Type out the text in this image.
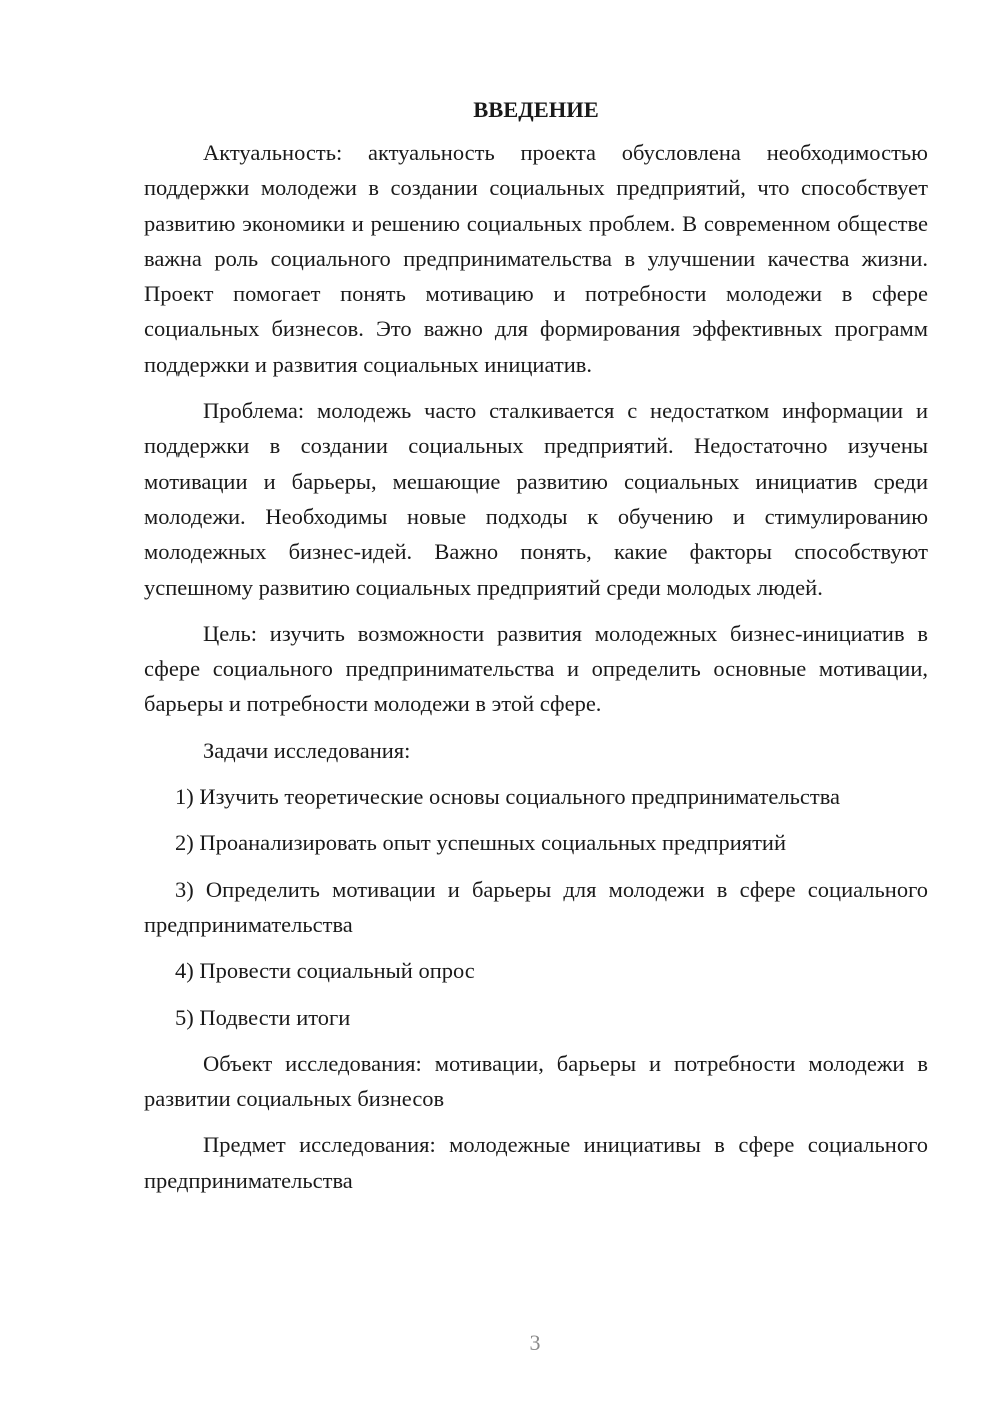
ВВЕДЕНИЕ

Актуальность: актуальность проекта обусловлена необходимостью поддержки молодежи в создании социальных предприятий, что способствует развитию экономики и решению социальных проблем. В современном обществе важна роль социального предпринимательства в улучшении качества жизни. Проект помогает понять мотивацию и потребности молодежи в сфере социальных бизнесов. Это важно для формирования эффективных программ поддержки и развития социальных инициатив.

Проблема: молодежь часто сталкивается с недостатком информации и поддержки в создании социальных предприятий. Недостаточно изучены мотивации и барьеры, мешающие развитию социальных инициатив среди молодежи. Необходимы новые подходы к обучению и стимулированию молодежных бизнес-идей. Важно понять, какие факторы способствуют успешному развитию социальных предприятий среди молодых людей.

Цель: изучить возможности развития молодежных бизнес-инициатив в сфере социального предпринимательства и определить основные мотивации, барьеры и потребности молодежи в этой сфере.

Задачи исследования:

1) Изучить теоретические основы социального предпринимательства

2) Проанализировать опыт успешных социальных предприятий

3) Определить мотивации и барьеры для молодежи в сфере социального предпринимательства

4) Провести социальный опрос

5) Подвести итоги

Объект исследования: мотивации, барьеры и потребности молодежи в развитии социальных бизнесов

Предмет исследования: молодежные инициативы в сфере социального предпринимательства

3
